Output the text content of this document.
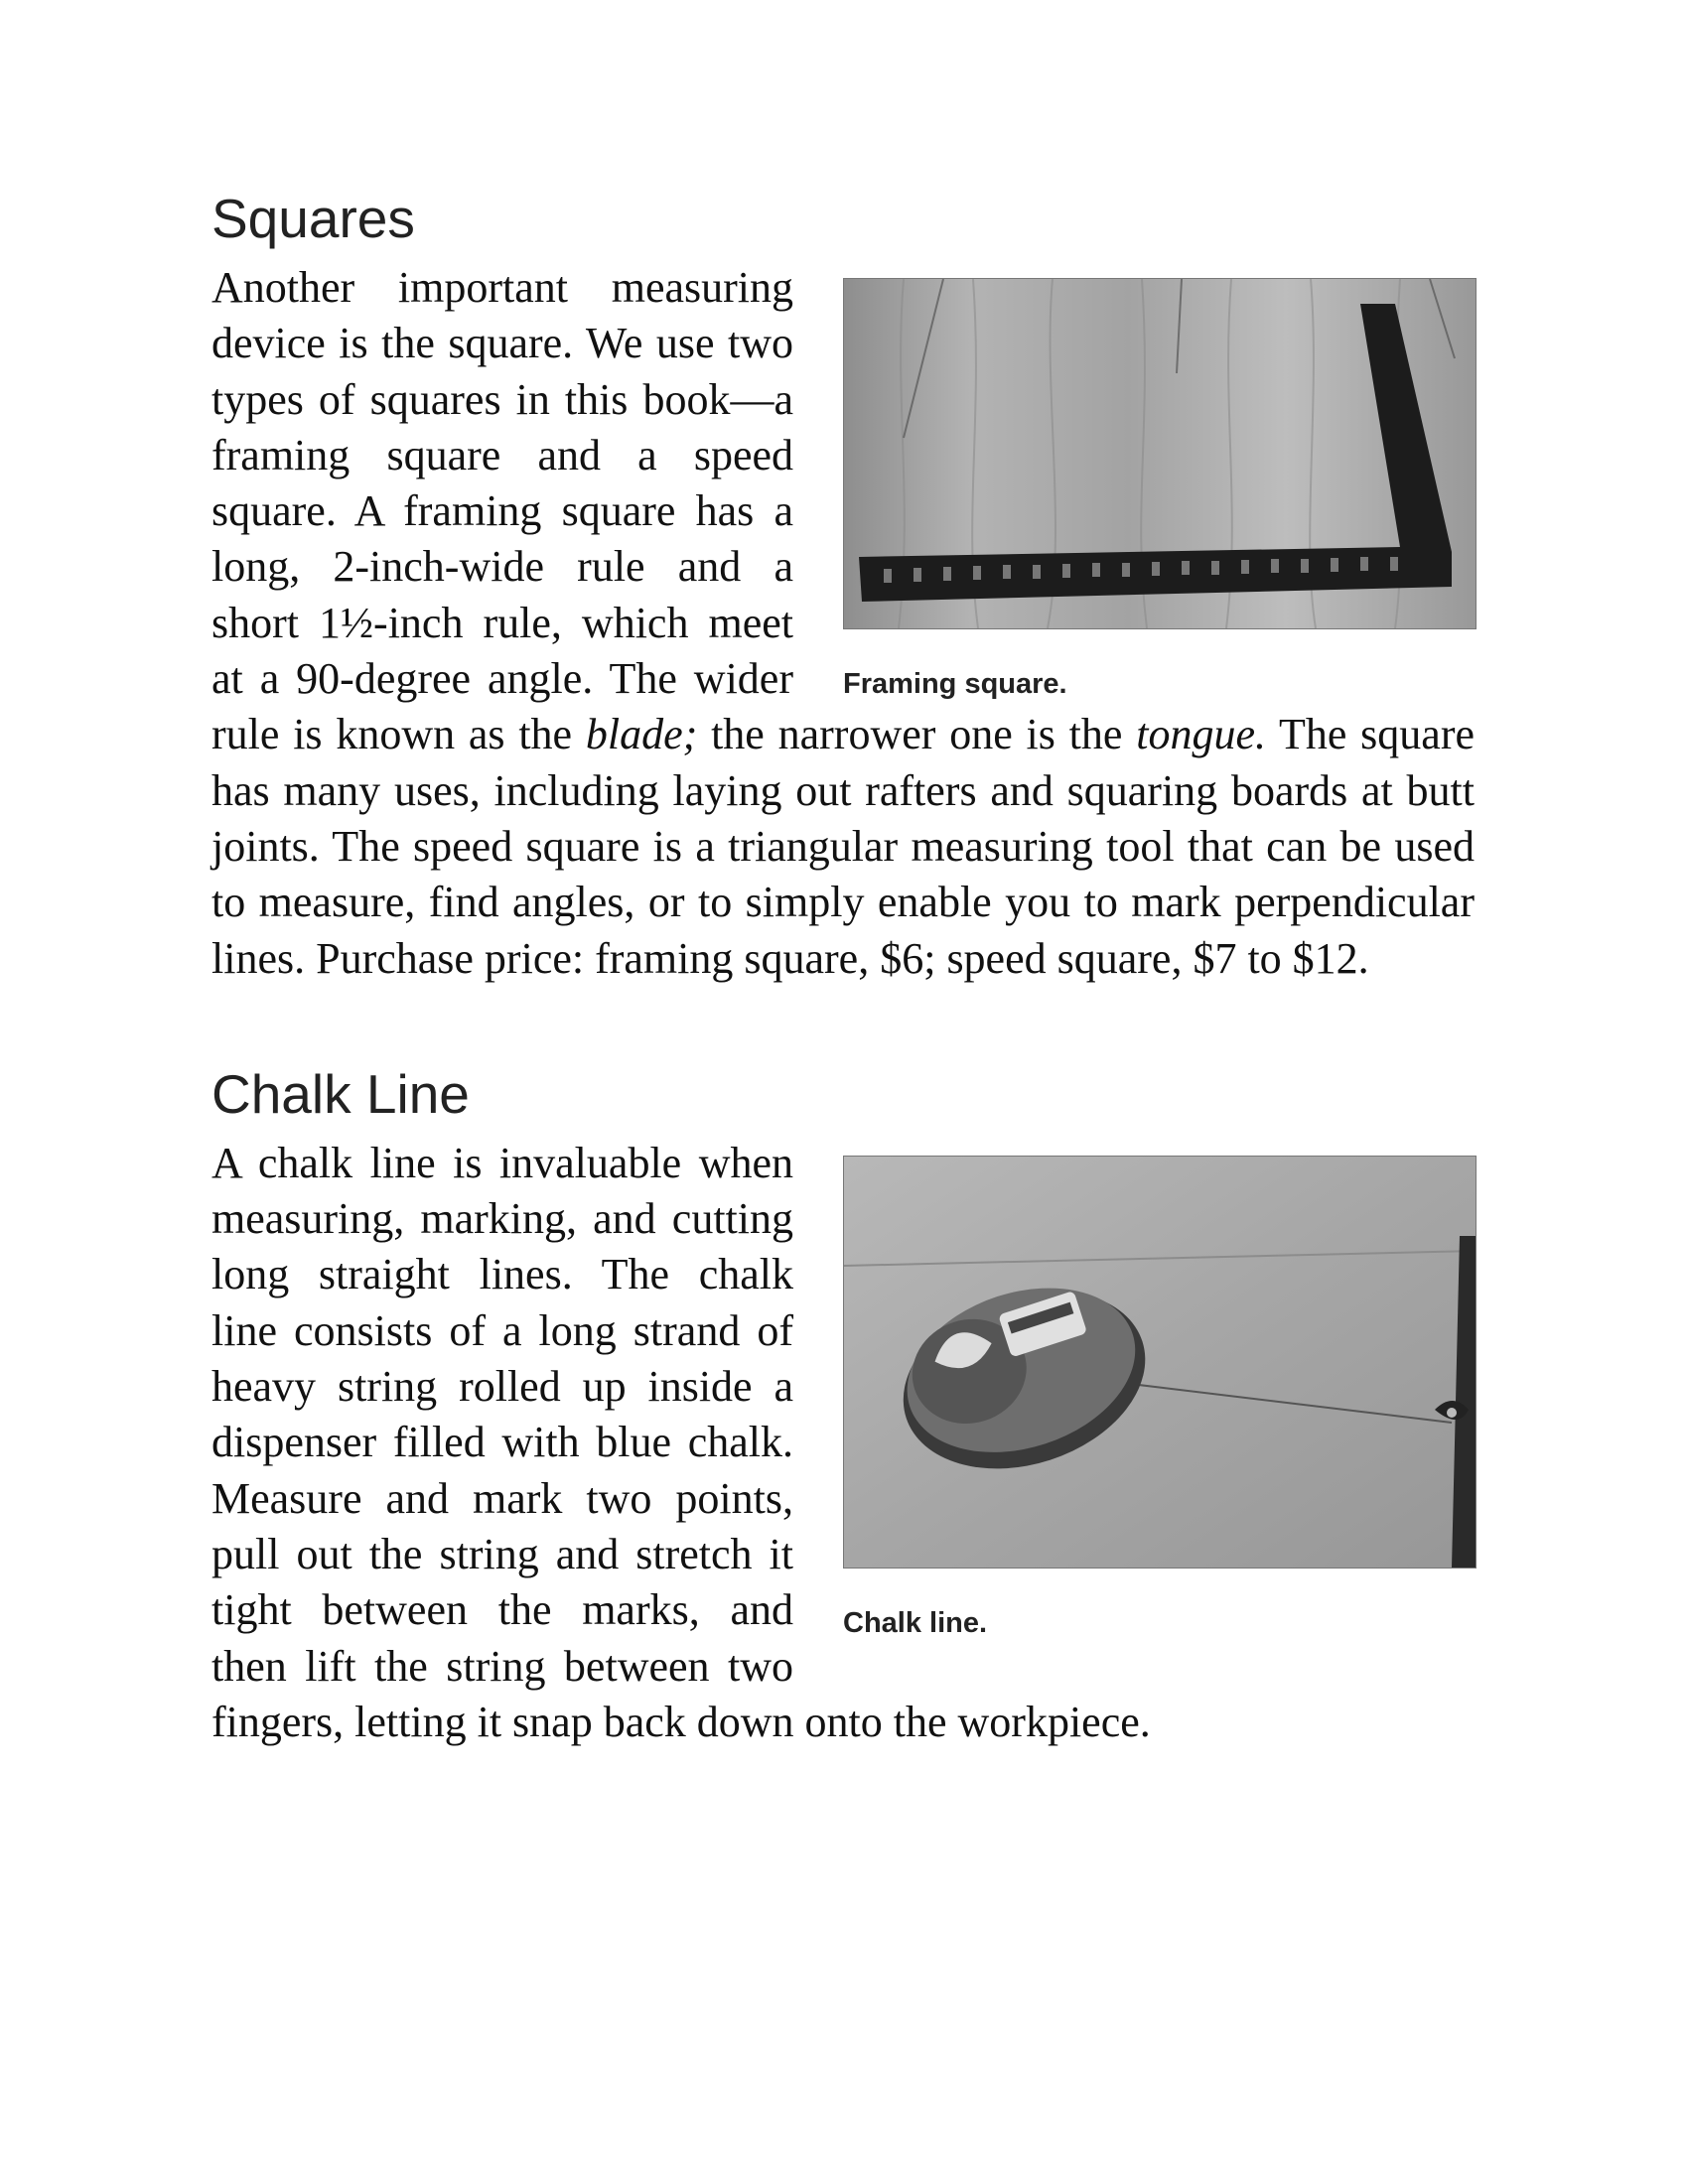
Squares
Framing square.

Another important measuring device is the square. We use two types of squares in this book—a framing square and a speed square. A framing square has a long, 2-inch-wide rule and a short 1½-inch rule, which meet at a 90-degree angle. The wider rule is known as the blade; the narrower one is the tongue. The square has many uses, including laying out rafters and squaring boards at butt joints. The speed square is a triangular measuring tool that can be used to measure, find angles, or to simply enable you to mark perpendicular lines. Purchase price: framing square, $6; speed square, $7 to $12.

Chalk Line
Chalk line.

A chalk line is invaluable when measuring, marking, and cutting long straight lines. The chalk line consists of a long strand of heavy string rolled up inside a dispenser filled with blue chalk. Measure and mark two points, pull out the string and stretch it tight between the marks, and then lift the string between two fingers, letting it snap back down onto the workpiece.
